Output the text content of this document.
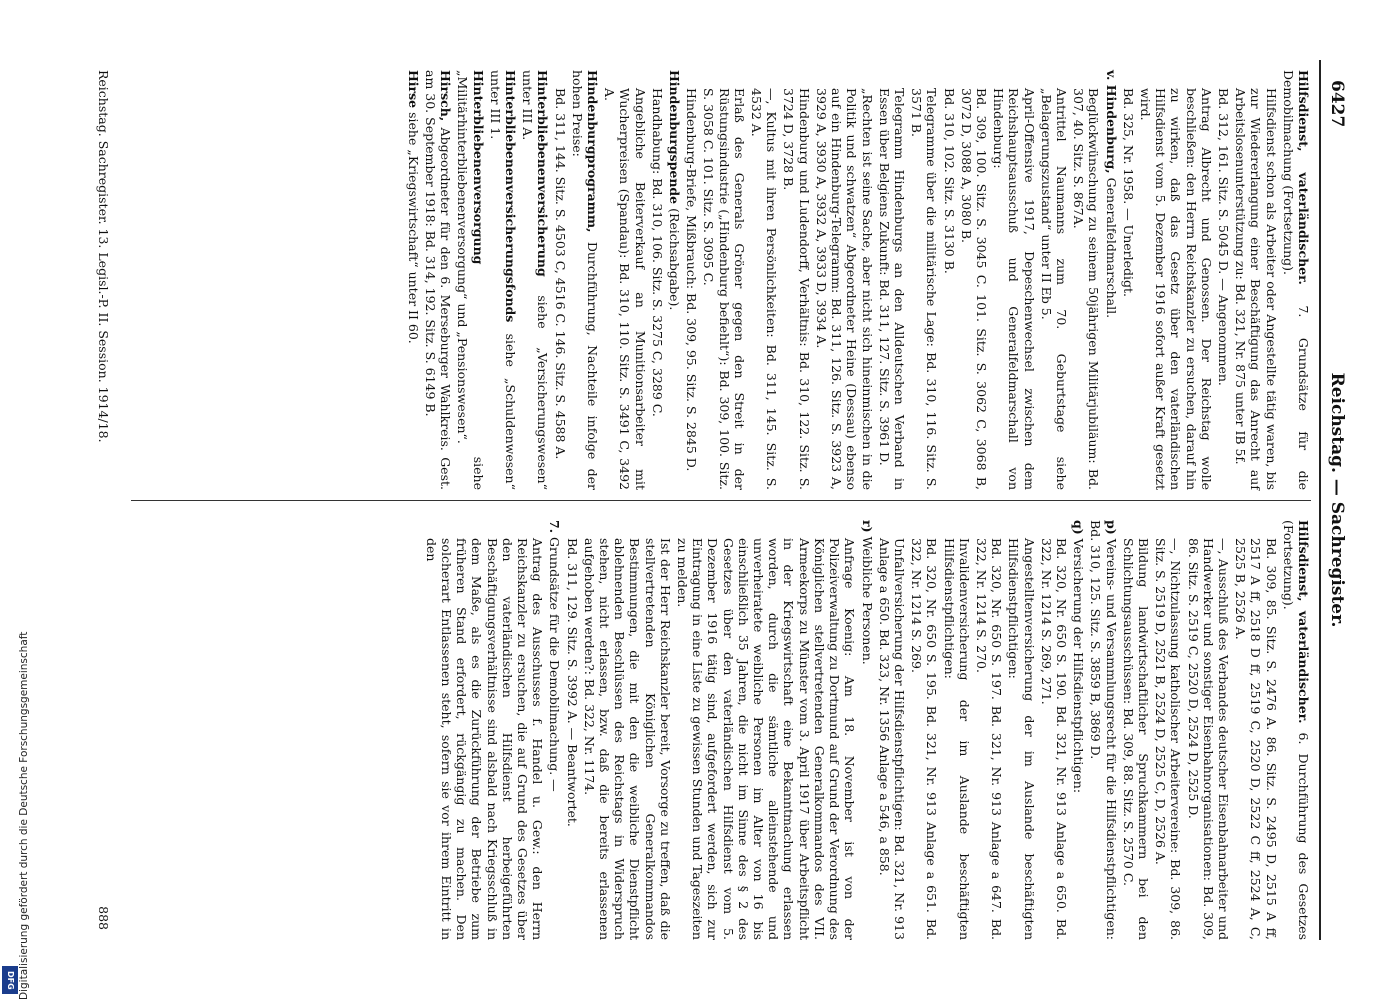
6427
Reichstag. — Sachregister.
Hilfsdienst, vaterländischer. 7. Grundsätze für die Demobilmachung (Fortsetzung).
Hilfsdienst schon als Arbeiter oder Angestellte tätig waren, bis zur Wiedererlangung einer Beschäftigung das Anrecht auf Arbeitslosenunterstützung zu: Bd. 321, Nr. 875 unter IB 5f.
Bd. 312, 161. Sitz. S. 5045 D. — Angenommen.
Antrag Albrecht und Genossen. Der Reichstag wolle beschließen: den Herrn Reichskanzler zu ersuchen, darauf hin zu wirken, daß das Gesetz über den vaterländischen Hilfsdienst vom 5. Dezember 1916 sofort außer Kraft gesetzt wird.
Bd. 325, Nr. 1958. — Unerledigt.
v. Hindenburg, Generalfeldmarschall.
Beglückwünschung zu seinem 50jährigen Militärjubiläum: Bd. 307, 40. Sitz. S. 867A.
Antrittel Naumanns zum 70. Geburtstage siehe „Belagerungszustand“ unter II Eb 5.
April-Offensive 1917, Depeschenwechsel zwischen dem Reichshauptsausschuß und Generalfeldmarschall von Hindenburg:
Bd. 309, 100. Sitz. S. 3045 C. 101. Sitz. S. 3062 C, 3068 B, 3072 D, 3088 A, 3080 B.
Bd. 310, 102. Sitz. S. 3130 B.
Telegramme über die militärische Lage: Bd. 310, 116. Sitz. S. 3571 B.
Telegramm Hindenburgs an den Alldeutschen Verband in Essen über Belgiens Zukunft: Bd. 311, 127. Sitz. S. 3961 D.
„Rechten ist seine Sache, aber nicht sich hineinmischen in die Politik und schwatzen“ Abgeordneter Heine (Dessau) ebenso auf ein Hindenburg-Telegramm: Bd. 311, 126. Sitz. S. 3923 A, 3929 A, 3930 A, 3932 A, 3933 D, 3934 A.
Hindenburg und Ludendorff, Verhältnis: Bd. 310, 122. Sitz. S. 3724 D, 3728 B.
—, Kultus mit ihren Persönlichkeiten: Bd. 311, 145. Sitz. S. 4532 A.
Erlaß des Generals Gröner gegen den Streit in der Rüstungsindustrie („Hindenburg befiehlt“): Bd. 309, 100. Sitz. S. 3058 C. 101. Sitz. S. 3095 C.
Hindenburg-Briefe, Mißbrauch: Bd. 309, 95. Sitz. S. 2845 D.
Hindenburgspende (Reichsabgabe).
Handhabung: Bd. 310, 106. Sitz. S. 3275 C, 3289 C.
Angebliche Beiterverkauf an Munitionsarbeiter mit Wucherpreisen (Spandau): Bd. 310, 110. Sitz. S. 3491 C, 3492 A.
Hindenburgprogramm, Durchführung, Nachteile infolge der hohen Preise:
Bd. 311, 144. Sitz. S. 4503 C, 4516 C. 146. Sitz. S. 4588 A.
Hinterbliebenenversicherung siehe „Versicherungswesen“ unter III A.
Hinterbliebenenversicherungsfonds siehe „Schuldenwesen“ unter III 1.
Hinterbliebenenversorgung siehe „Militärhinterbliebenenversorgung“ und „Pensionswesen“.
Hirsch, Abgeordneter für den 6. Merseburger Wahlkreis. Gest. am 30. September 1918: Bd. 314, 192. Sitz. S. 6149 B.
Hirse siehe „Kriegswirtschaft“ unter II 60.
Hilfsdienst, vaterländischer. 6. Durchführung des Gesetzes (Fortsetzung).
Bd. 309, 85. Sitz. S. 2476 A. 86. Sitz. S. 2495 D, 2515 A ff, 2517 A ff, 2518 D ff, 2519 C, 2520 D, 2522 C ff, 2524 A, C, 2525 B, 2526 A.
—, Ausschluß des Verbandes deutscher Eisenbahnarbeiter und Handwerker und sonstiger Eisenbahnorganisationen: Bd. 309, 86. Sitz. S. 2519 C, 2520 D, 2524 D, 2525 D.
—, Nichtzulassung katholischer Arbeitervereine: Bd. 309, 86. Sitz. S. 2519 D, 2521 B, 2524 D, 2525 C, D, 2526 A.
Bildung landwirtschaftlicher Spruchkammern bei den Schlichtungsausschüssen: Bd. 309, 88. Sitz. S. 2570 C.
p) Vereins- und Versammlungsrecht für die Hilfsdienstpflichtigen: Bd. 310, 125. Sitz. S. 3859 B, 3869 D.
q) Versicherung der Hilfsdienstpflichtigen:
Bd. 320, Nr. 650 S. 190. Bd. 321, Nr. 913 Anlage a 650. Bd. 322, Nr. 1214 S. 269, 271.
Angestelltenversicherung der im Auslande beschäftigten Hilfsdienstpflichtigen:
Bd. 320, Nr. 650 S. 197. Bd. 321, Nr. 913 Anlage a 647. Bd. 322, Nr. 1214 S. 270.
Invalidenversicherung der im Auslande beschäftigten Hilfsdienstpflichtigen:
Bd. 320, Nr. 650 S. 195. Bd. 321, Nr. 913 Anlage a 651. Bd. 322, Nr. 1214 S. 269.
Unfallversicherung der Hilfsdienstpflichtigen: Bd. 321, Nr. 913 Anlage a 650. Bd. 323, Nr. 1356 Anlage a 546, a 858.
r) Weibliche Personen.
Anfrage Koenig: Am 18. November ist von der Polizeiverwaltung zu Dortmund auf Grund der Verordnung des Königlichen stellvertretenden Generalkommandos des VII. Armeekorps zu Münster vom 3. April 1917 über Arbeitspflicht in der Kriegswirtschaft eine Bekanntmachung erlassen worden, durch die sämtliche alleinstehende und unverheiratete weibliche Personen im Alter von 16 bis einschließlich 35 Jahren, die nicht im Sinne des § 2 des Gesetzes über den vaterländischen Hilfsdienst vom 5. Dezember 1916 tätig sind, aufgefordert werden, sich zur Eintragung in eine Liste zu gewissen Stunden und Tageszeiten zu melden.
Ist der Herr Reichskanzler bereit, Vorsorge zu treffen, daß die stellvertretenden Königlichen Generalkommandos Bestimmungen, die mit den die weibliche Dienstpflicht ablehnenden Beschlüssen des Reichstags in Widerspruch stehen, nicht erlassen, bzw. daß die bereits erlassenen aufgehoben werden?: Bd. 322, Nr. 1174.
Bd. 311, 129. Sitz. S. 3992 A. — Beantwortet.
7. Grundsätze für die Demobilmachung. —
Antrag des Ausschusses f. Handel u. Gew.: den Herrn Reichskanzler zu ersuchen, die auf Grund des Gesetzes über den vaterländischen Hilfsdienst herbeigeführten Beschäftigungsverhältnisse sind alsbald nach Kriegsschluß in dem Maße, als es die Zurückführung der Betriebe zum früheren Stand erfordert, rückgängig zu machen. Den solcherart Entlassenen steht, sofern sie vor ihrem Eintritt in den
Reichstag. Sachregister. 13. Legisl.-P. II. Session. 1914/18.
888
Digitalisierung gefördert durch die Deutsche Forschungsgemeinschaft
DFG
